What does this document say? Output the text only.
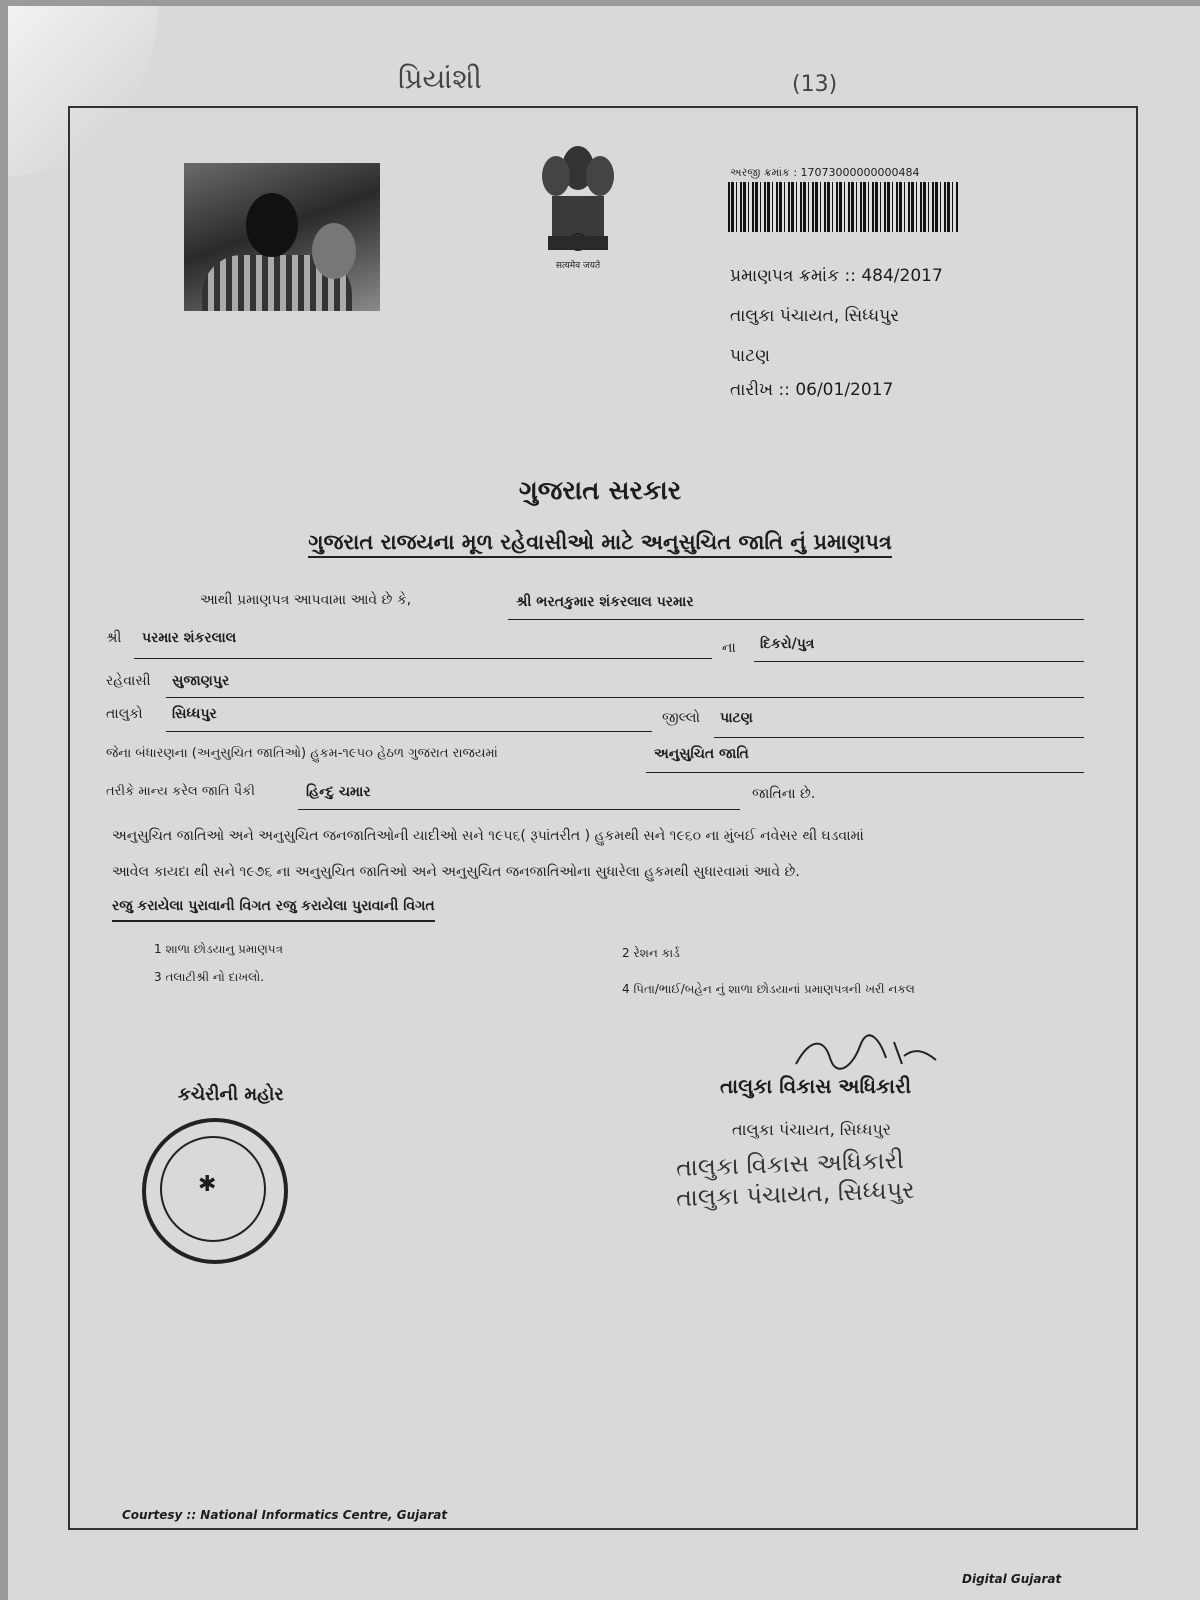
પ્રિયાંશી	(13)
सत्यमेव जयते
અરજી ક્રમાંક : 17073000000000484
પ્રમાણપત્ર ક્રમાંક :: 484/2017
તાલુકા પંચાયત, સિધ્ધપુર
પાટણ
તારીખ :: 06/01/2017
ગુજરાત સરકાર
ગુજરાત રાજયના મૂળ રહેવાસીઓ માટે અનુસુચિત જાતિ નું પ્રમાણપત્ર
આથી પ્રમાણપત્ર આપવામા આવે છે કે,	શ્રી ભરતકુમાર શંકરલાલ પરમાર
શ્રી પરમાર શંકરલાલ
ના દિકરો/પુત્ર
રહેવાસી સુજાણપુર
તાલુકો સિધ્ધપુર	જીલ્લો પાટણ
જેના બંધારણના (અનુસુચિત જાતિઓ) હુકમ-૧૯૫૦ હેઠળ ગુજરાત રાજયમાં	અનુસુચિત જાતિ
તરીકે માન્ય કરેલ જાતિ પૈકી	હિન્દુ ચમાર	જાતિના છે.
અનુસુચિત જાતિઓ અને અનુસુચિત જનજાતિઓની યાદીઓ સને ૧૯૫૬( રૂપાંતરીત ) હુકમથી સને ૧૯૬૦ ના મુંબઈ નવેસર થી ઘડવામાં
આવેલ કાયદા થી સને ૧૯૭૬ ના અનુસુચિત જાતિઓ અને અનુસુચિત જનજાતિઓના સુધારેલા હુકમથી સુધારવામાં આવે છે.
રજુ કરાયેલા પુરાવાની વિગત રજુ કરાયેલા પુરાવાની વિગત
1 શાળા છોડયાનુ પ્રમાણપત્ર	2 રેશન કાર્ડ
3 તલાટીશ્રી નો દાખલો.
4 પિતા/ભાઈ/બહેન નું શાળા છોડયાનાં પ્રમાણપત્રની ખરી નકલ
તાલુકા વિકાસ અધિકારી
તાલુકા પંચાયત, સિધ્ધપુર
તાલુકા વિકાસ અધિકારી
તાલુકા પંચાયત, સિધ્ધપુર
કચેરીની મહોર
✱
Courtesy :: National Informatics Centre, Gujarat
Digital Gujarat
